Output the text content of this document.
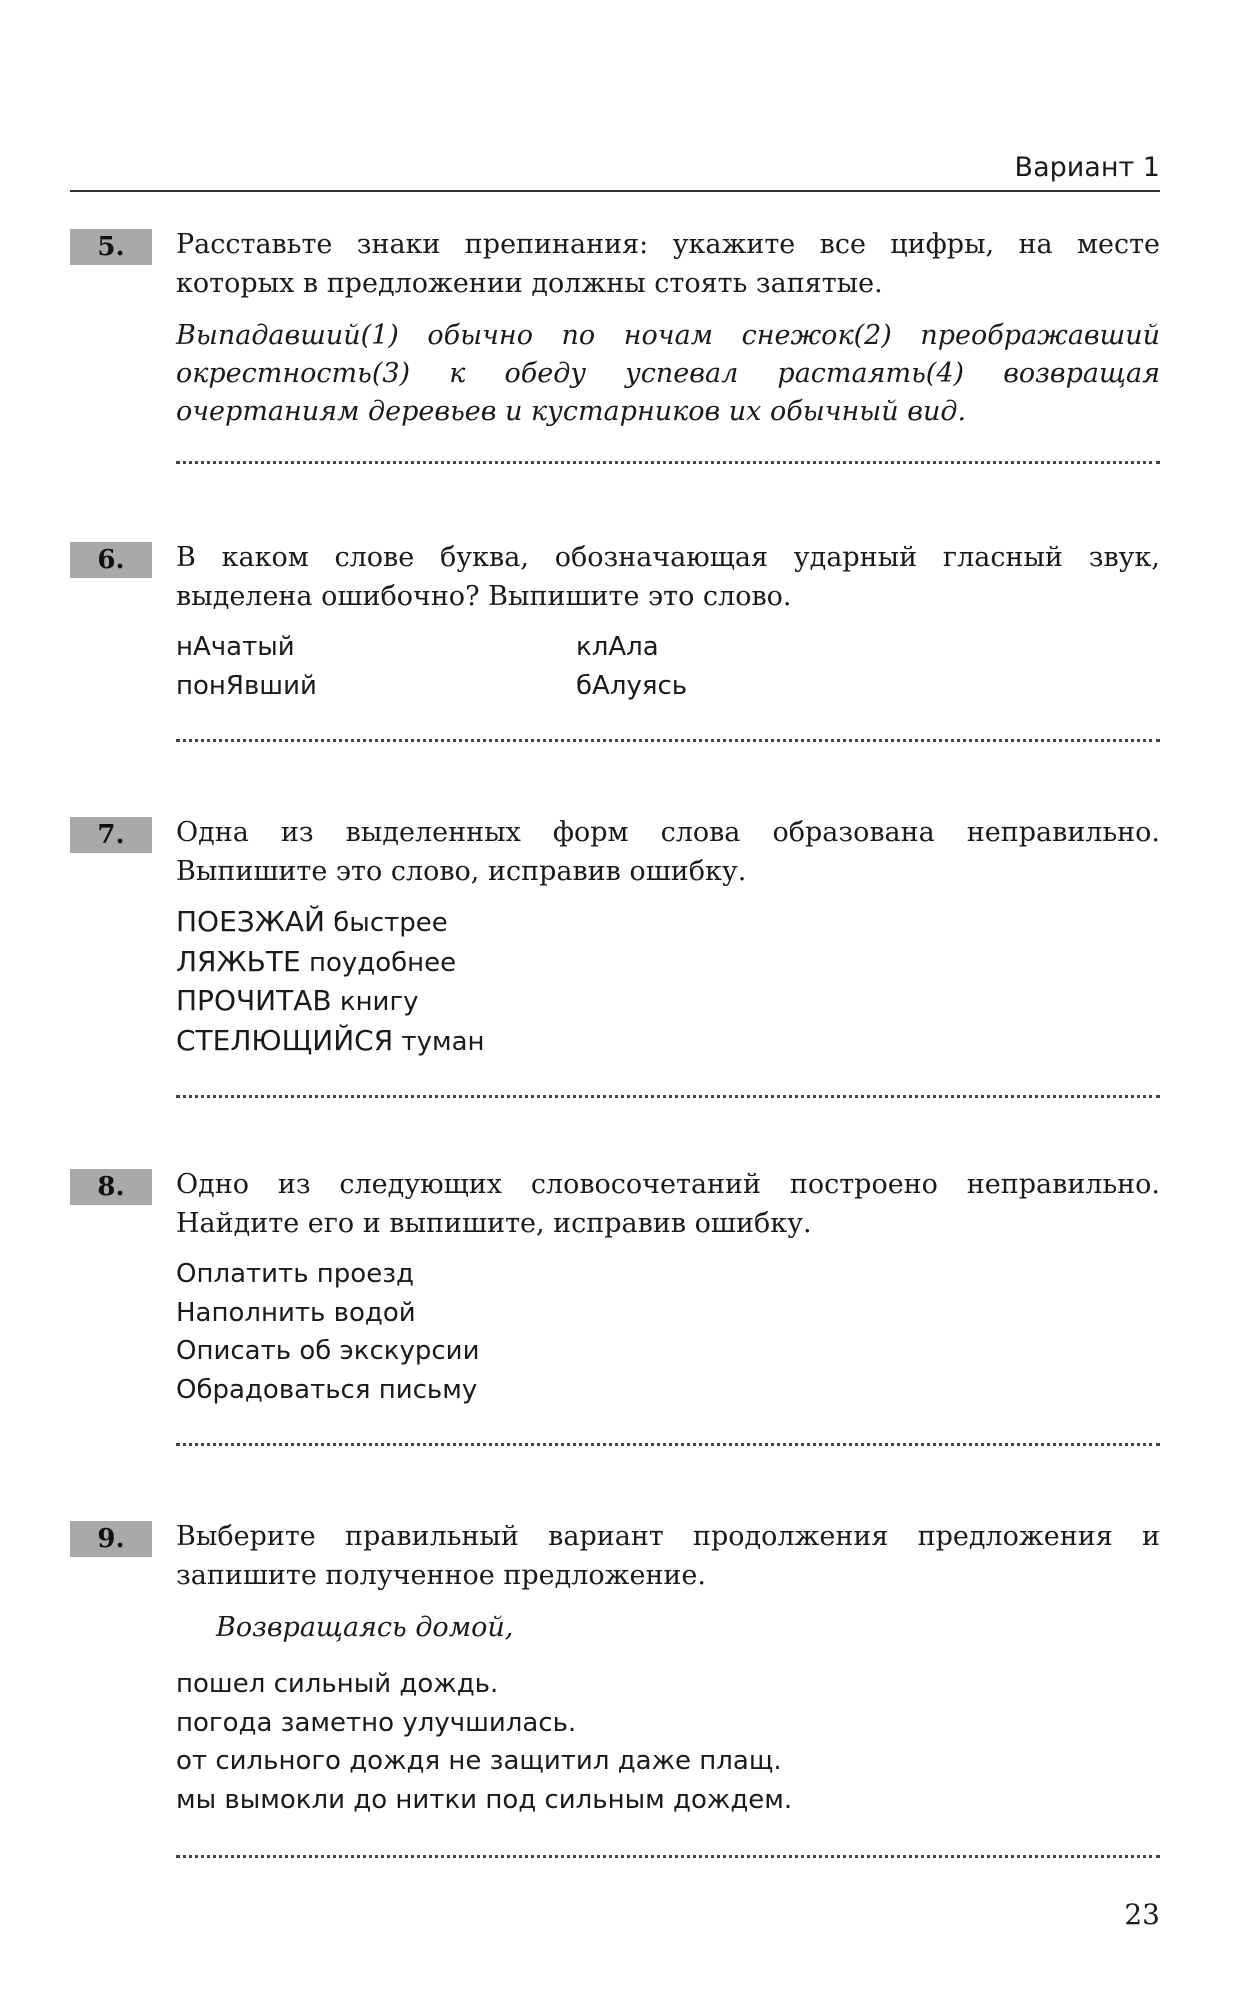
Вариант 1
5.	Расставьте знаки препинания: укажите все цифры, на месте которых в предложении должны стоять запятые.

Выпадавший(1) обычно по ночам снежок(2) преображавший окрестность(3) к обеду успевал растаять(4) возвращая очертаниям деревьев и кустарников их обычный вид.

6.	В каком слове буква, обозначающая ударный гласный звук, выделена ошибочно? Выпишите это слово.

нАчатый	клАла
понЯвший	бАлуясь
7.	Одна из выделенных форм слова образована неправильно. Выпишите это слово, исправив ошибку.

ПОЕЗЖАЙ быстрее
ЛЯЖЬТЕ поудобнее
ПРОЧИТАВ книгу
СТЕЛЮЩИЙСЯ туман
8.	Одно из следующих словосочетаний построено неправильно. Найдите его и выпишите, исправив ошибку.

Оплатить проезд
Наполнить водой
Описать об экскурсии
Обрадоваться письму
9.	Выберите правильный вариант продолжения предложения и запишите полученное предложение.

Возвращаясь домой,

пошел сильный дождь.
погода заметно улучшилась.
от сильного дождя не защитил даже плащ.
мы вымокли до нитки под сильным дождем.
23
